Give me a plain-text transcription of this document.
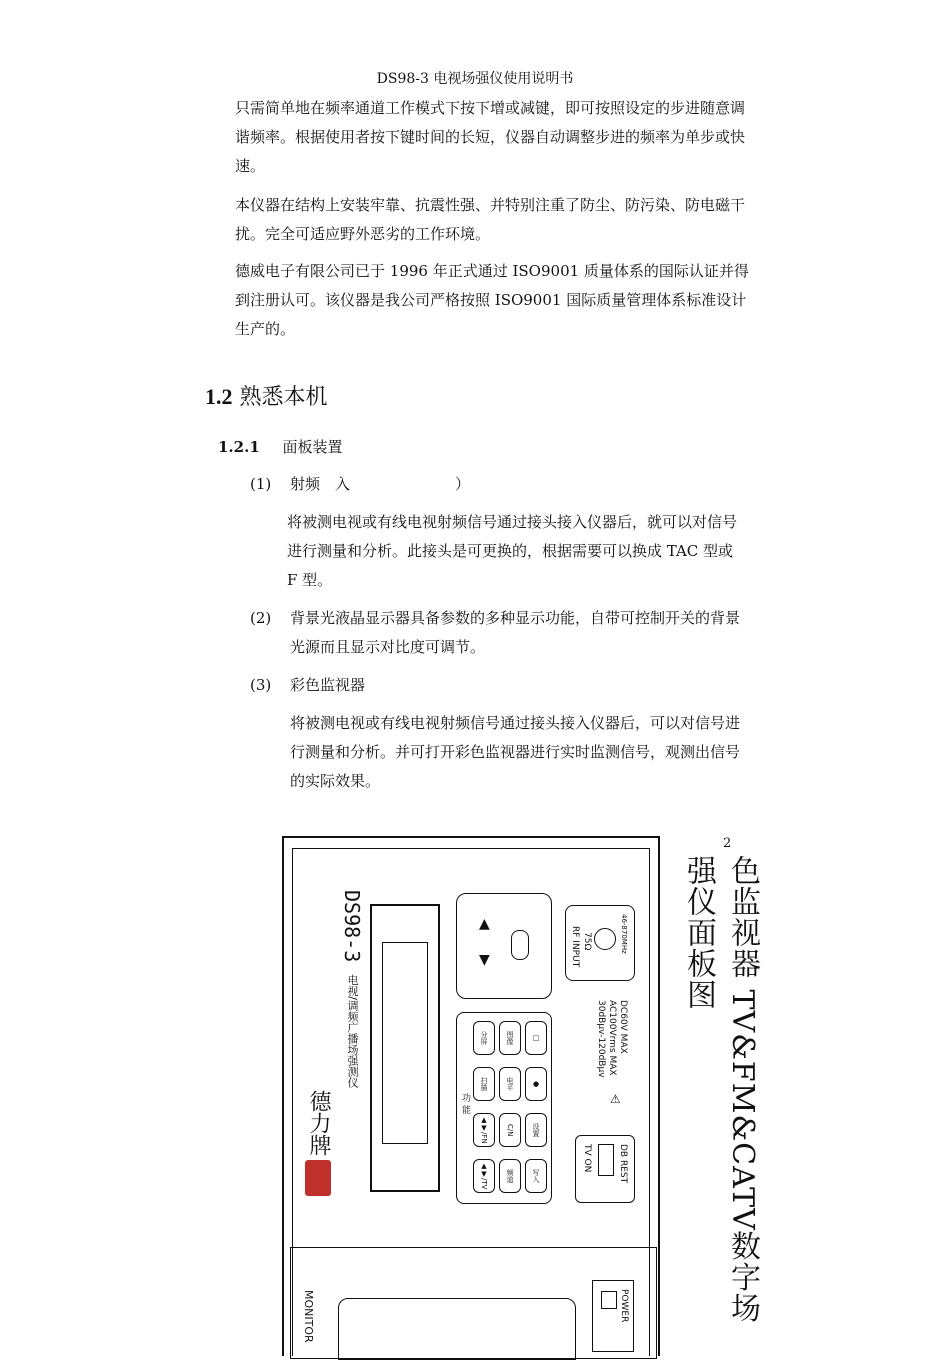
DS98-3 电视场强仪使用说明书
只需简单地在频率通道工作模式下按下增或减键，即可按照设定的步进随意调谐频率。根据使用者按下键时间的长短，仪器自动调整步进的频率为单步或快速。
本仪器在结构上安装牢靠、抗震性强、并特别注重了防尘、防污染、防电磁干扰。完全可适应野外恶劣的工作环境。
德威电子有限公司已于 1996 年正式通过 ISO9001 质量体系的国际认证并得到注册认可。该仪器是我公司严格按照 ISO9001 国际质量管理体系标准设计生产的。
1.2 熟悉本机
1.2.1 面板装置
(1) 射频　入　　　　　　　）
将被测电视或有线电视射频信号通过接头接入仪器后，就可以对信号进行测量和分析。此接头是可更换的，根据需要可以换成 TAC 型或 F 型。
(2)	背景光液晶显示器具备参数的多种显示功能，自带可控制开关的背景光源而且显示对比度可调节。
(3) 彩色监视器
将被测电视或有线电视射频信号通过接头接入仪器后，可以对信号进行测量和分析。并可打开彩色监视器进行实时监测信号，观测出信号的实际效果。
2
色监视器 TV&FM&CATV数字场强仪面板图
德力牌
DS98-3 电视/调频广播场强测仪
▲
▼
功 能
分屏	图像	□
扫描	电平	●
▲▼/FN	C/N	设置
▲▼/TV	频道	写入
RF INPUT 75Ω	46-870MHz
DC60V MAX
AC100Vrms MAX
30dBμv-120dBμv
⚠
TV ON	DB REST
MONITOR	POWER
